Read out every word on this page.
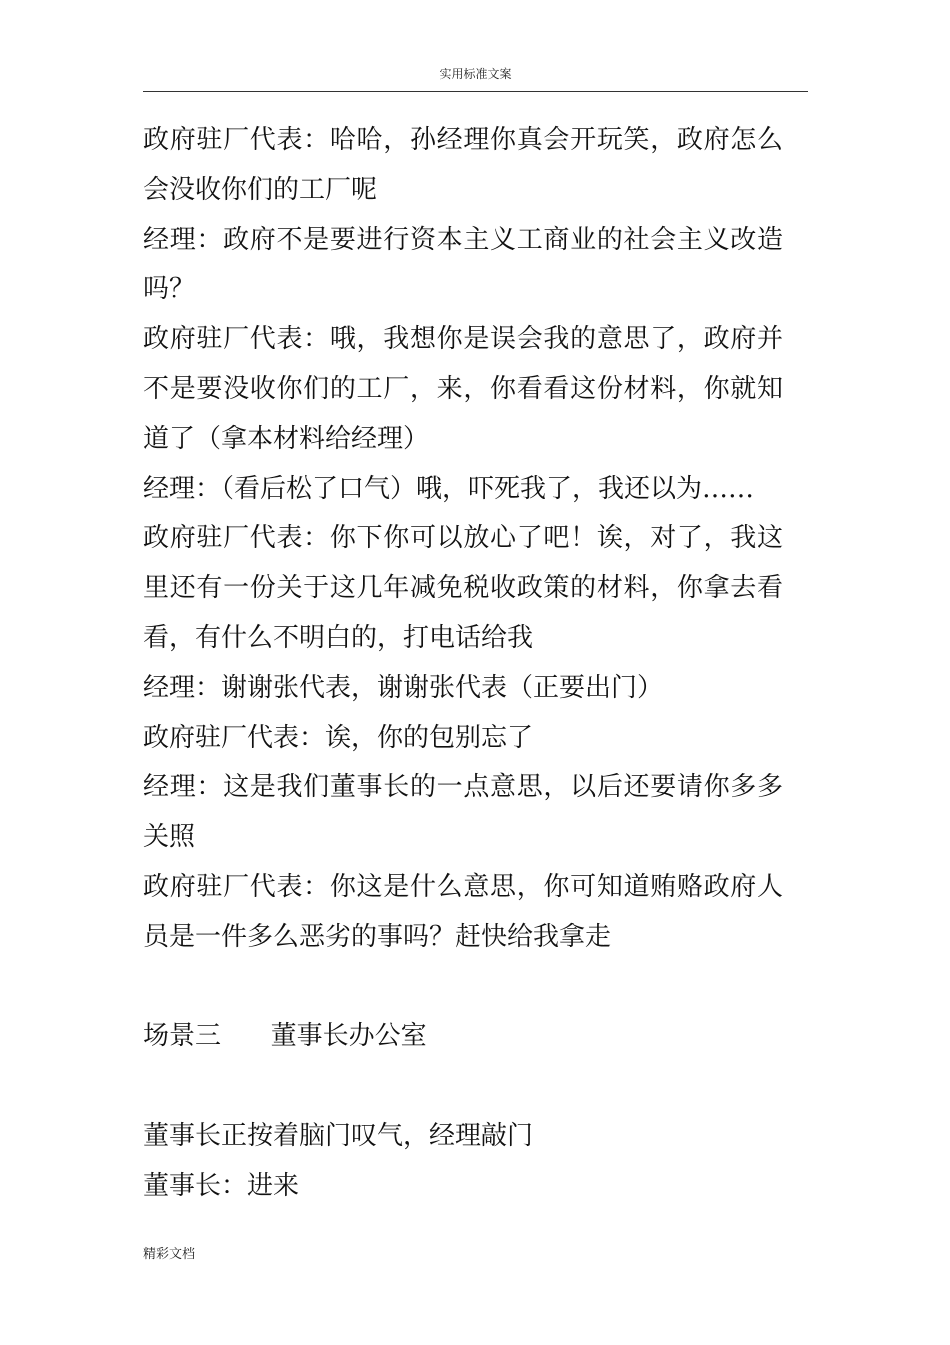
实用标准文案

政府驻厂代表：哈哈，孙经理你真会开玩笑，政府怎么会没收你们的工厂呢

经理：政府不是要进行资本主义工商业的社会主义改造吗？

政府驻厂代表：哦，我想你是误会我的意思了，政府并不是要没收你们的工厂，来，你看看这份材料，你就知道了（拿本材料给经理）

经理：（看后松了口气）哦，吓死我了，我还以为……

政府驻厂代表：你下你可以放心了吧！诶，对了，我这里还有一份关于这几年减免税收政策的材料，你拿去看看，有什么不明白的，打电话给我

经理：谢谢张代表，谢谢张代表（正要出门）

政府驻厂代表：诶，你的包别忘了

经理：这是我们董事长的一点意思，以后还要请你多多关照

政府驻厂代表：你这是什么意思，你可知道贿赂政府人员是一件多么恶劣的事吗？赶快给我拿走

场景三 董事长办公室

董事长正按着脑门叹气，经理敲门

董事长：进来

精彩文档
